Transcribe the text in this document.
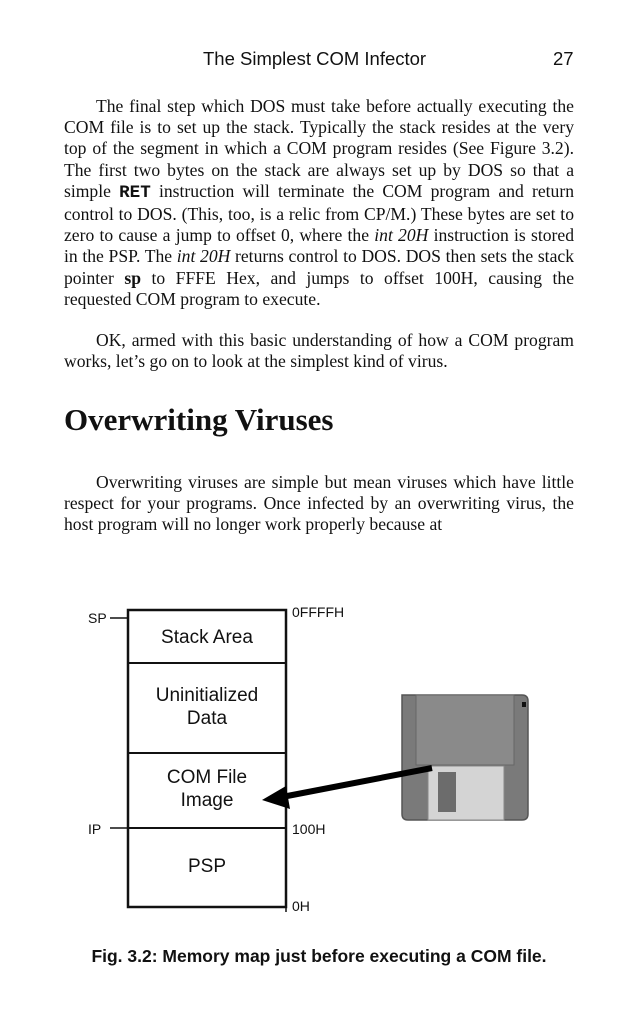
The Simplest COM Infector	27

The final step which DOS must take before actually executing the COM file is to set up the stack. Typically the stack resides at the very top of the segment in which a COM program resides (See Figure 3.2). The first two bytes on the stack are always set up by DOS so that a simple RET instruction will terminate the COM program and return control to DOS. (This, too, is a relic from CP/M.) These bytes are set to zero to cause a jump to offset 0, where the int 20H instruction is stored in the PSP. The int 20H returns control to DOS. DOS then sets the stack pointer sp to FFFE Hex, and jumps to offset 100H, causing the requested COM program to execute.

OK, armed with this basic understanding of how a COM program works, let’s go on to look at the simplest kind of virus.

Overwriting Viruses

Overwriting viruses are simple but mean viruses which have little respect for your programs. Once infected by an overwriting virus, the host program will no longer work properly because at

SP
IP
0FFFFH
100H
0H
Stack Area
Uninitialized
Data
COM File
Image
PSP
Fig. 3.2: Memory map just before executing a COM file.
